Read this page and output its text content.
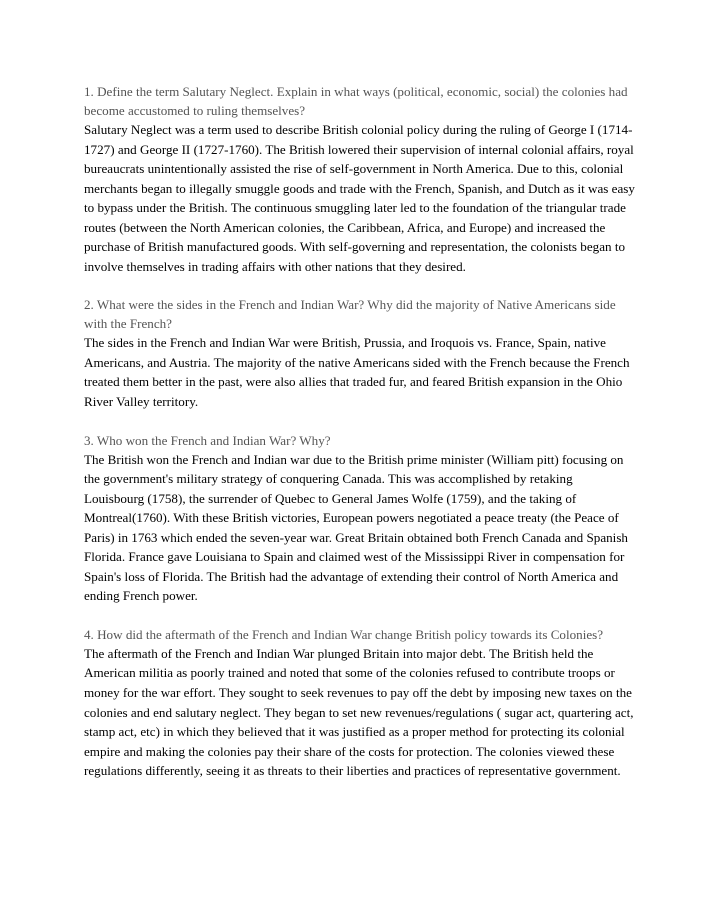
1. Define the term Salutary Neglect. Explain in what ways (political, economic, social) the colonies had become accustomed to ruling themselves?

Salutary Neglect was a term used to describe British colonial policy during the ruling of George I (1714-1727) and George II (1727-1760). The British lowered their supervision of internal colonial affairs, royal bureaucrats unintentionally assisted the rise of self-government in North America. Due to this, colonial merchants began to illegally smuggle goods and trade with the French, Spanish, and Dutch as it was easy to bypass under the British. The continuous smuggling later led to the foundation of the triangular trade routes (between the North American colonies, the Caribbean, Africa, and Europe) and increased the purchase of British manufactured goods. With self-governing and representation, the colonists began to involve themselves in trading affairs with other nations that they desired.

2. What were the sides in the French and Indian War? Why did the majority of Native Americans side with the French?

The sides in the French and Indian War were British, Prussia, and Iroquois vs. France, Spain, native Americans, and Austria. The majority of the native Americans sided with the French because the French treated them better in the past, were also allies that traded fur, and feared British expansion in the Ohio River Valley territory.

3. Who won the French and Indian War? Why?

The British won the French and Indian war due to the British prime minister (William pitt) focusing on the government's military strategy of conquering Canada. This was accomplished by retaking Louisbourg (1758), the surrender of Quebec to General James Wolfe (1759), and the taking of Montreal(1760). With these British victories, European powers negotiated a peace treaty (the Peace of Paris) in 1763 which ended the seven-year war. Great Britain obtained both French Canada and Spanish Florida. France gave Louisiana to Spain and claimed west of the Mississippi River in compensation for Spain's loss of Florida. The British had the advantage of extending their control of North America and ending French power.

4. How did the aftermath of the French and Indian War change British policy towards its Colonies?

The aftermath of the French and Indian War plunged Britain into major debt. The British held the American militia as poorly trained and noted that some of the colonies refused to contribute troops or money for the war effort. They sought to seek revenues to pay off the debt by imposing new taxes on the colonies and end salutary neglect. They began to set new revenues/regulations ( sugar act, quartering act, stamp act, etc) in which they believed that it was justified as a proper method for protecting its colonial empire and making the colonies pay their share of the costs for protection. The colonies viewed these regulations differently, seeing it as threats to their liberties and practices of representative government.
